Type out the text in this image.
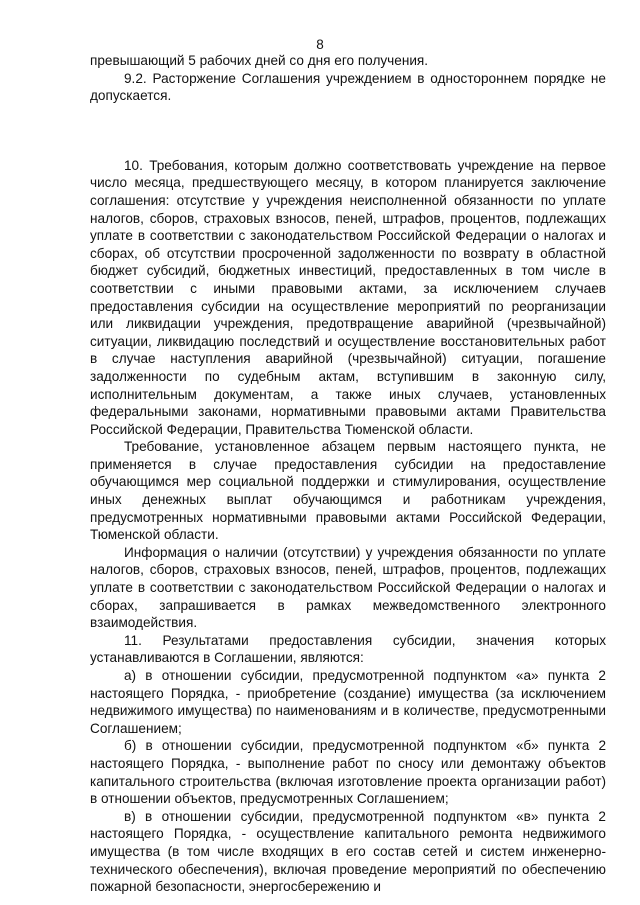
8

превышающий 5 рабочих дней со дня его получения.

9.2. Расторжение Соглашения учреждением в одностороннем порядке не допускается.

10. Требования, которым должно соответствовать учреждение на первое число месяца, предшествующего месяцу, в котором планируется заключение соглашения: отсутствие у учреждения неисполненной обязанности по уплате налогов, сборов, страховых взносов, пеней, штрафов, процентов, подлежащих уплате в соответствии с законодательством Российской Федерации о налогах и сборах, об отсутствии просроченной задолженности по возврату в областной бюджет субсидий, бюджетных инвестиций, предоставленных в том числе в соответствии с иными правовыми актами, за исключением случаев предоставления субсидии на осуществление мероприятий по реорганизации или ликвидации учреждения, предотвращение аварийной (чрезвычайной) ситуации, ликвидацию последствий и осуществление восстановительных работ в случае наступления аварийной (чрезвычайной) ситуации, погашение задолженности по судебным актам, вступившим в законную силу, исполнительным документам, а также иных случаев, установленных федеральными законами, нормативными правовыми актами Правительства Российской Федерации, Правительства Тюменской области.

Требование, установленное абзацем первым настоящего пункта, не применяется в случае предоставления субсидии на предоставление обучающимся мер социальной поддержки и стимулирования, осуществление иных денежных выплат обучающимся и работникам учреждения, предусмотренных нормативными правовыми актами Российской Федерации, Тюменской области.

Информация о наличии (отсутствии) у учреждения обязанности по уплате налогов, сборов, страховых взносов, пеней, штрафов, процентов, подлежащих уплате в соответствии с законодательством Российской Федерации о налогах и сборах, запрашивается в рамках межведомственного электронного взаимодействия.

11. Результатами предоставления субсидии, значения которых устанавливаются в Соглашении, являются:

а) в отношении субсидии, предусмотренной подпунктом «а» пункта 2 настоящего Порядка, - приобретение (создание) имущества (за исключением недвижимого имущества) по наименованиям и в количестве, предусмотренными Соглашением;

б) в отношении субсидии, предусмотренной подпунктом «б» пункта 2 настоящего Порядка, - выполнение работ по сносу или демонтажу объектов капитального строительства (включая изготовление проекта организации работ) в отношении объектов, предусмотренных Соглашением;

в) в отношении субсидии, предусмотренной подпунктом «в» пункта 2 настоящего Порядка, - осуществление капитального ремонта недвижимого имущества (в том числе входящих в его состав сетей и систем инженерно-технического обеспечения), включая проведение мероприятий по обеспечению пожарной безопасности, энергосбережению и
